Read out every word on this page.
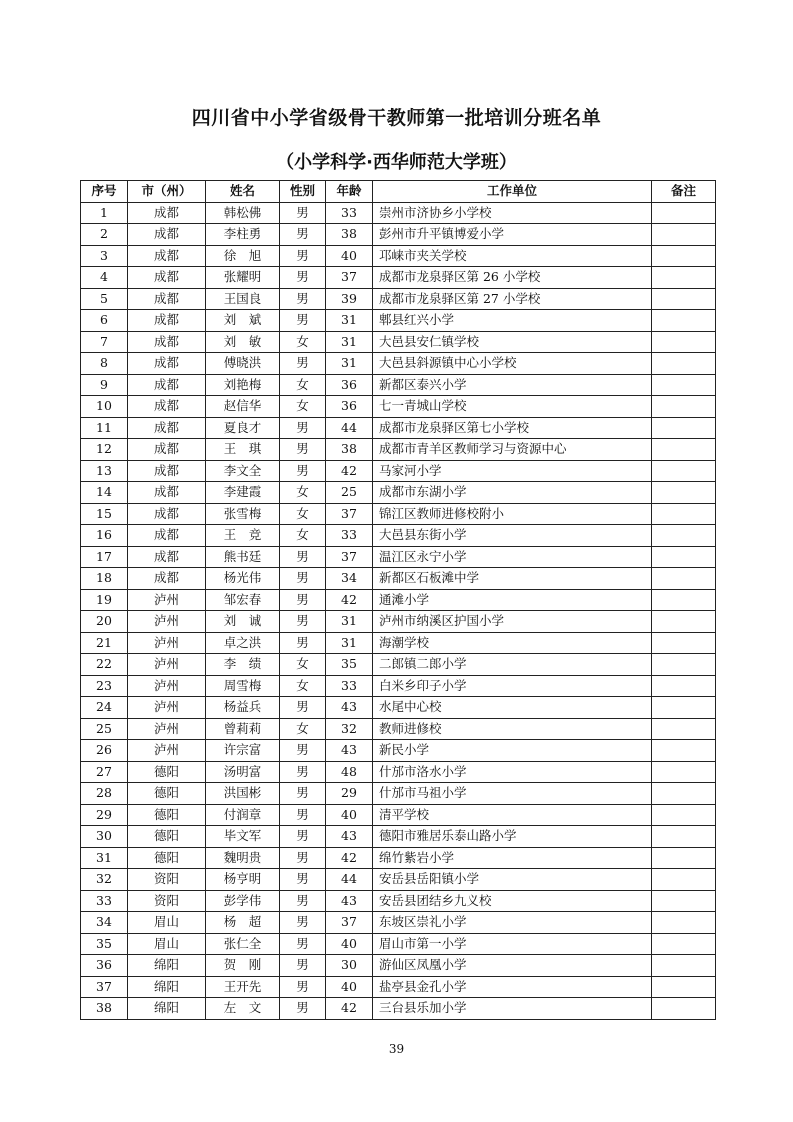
四川省中小学省级骨干教师第一批培训分班名单
（小学科学·西华师范大学班）
序号	市（州）	姓名	性别	年龄	工作单位	备注
1	成都	韩松佛	男	33	崇州市济协乡小学校	
2	成都	李柱勇	男	38	彭州市升平镇博爱小学	
3	成都	徐　旭	男	40	邛崃市夹关学校	
4	成都	张耀明	男	37	成都市龙泉驿区第 26 小学校	
5	成都	王国良	男	39	成都市龙泉驿区第 27 小学校	
6	成都	刘　斌	男	31	郫县红兴小学	
7	成都	刘　敏	女	31	大邑县安仁镇学校	
8	成都	傅晓洪	男	31	大邑县斜源镇中心小学校	
9	成都	刘艳梅	女	36	新都区泰兴小学	
10	成都	赵信华	女	36	七一青城山学校	
11	成都	夏良才	男	44	成都市龙泉驿区第七小学校	
12	成都	王　琪	男	38	成都市青羊区教师学习与资源中心	
13	成都	李文全	男	42	马家河小学	
14	成都	李建霞	女	25	成都市东湖小学	
15	成都	张雪梅	女	37	锦江区教师进修校附小	
16	成都	王　竞	女	33	大邑县东街小学	
17	成都	熊书廷	男	37	温江区永宁小学	
18	成都	杨光伟	男	34	新都区石板滩中学	
19	泸州	邹宏春	男	42	通滩小学	
20	泸州	刘　诚	男	31	泸州市纳溪区护国小学	
21	泸州	卓之洪	男	31	海潮学校	
22	泸州	李　绩	女	35	二郎镇二郎小学	
23	泸州	周雪梅	女	33	白米乡印子小学	
24	泸州	杨益兵	男	43	水尾中心校	
25	泸州	曾莉莉	女	32	教师进修校	
26	泸州	许宗富	男	43	新民小学	
27	德阳	汤明富	男	48	什邡市洛水小学	
28	德阳	洪国彬	男	29	什邡市马祖小学	
29	德阳	付润章	男	40	清平学校	
30	德阳	毕文军	男	43	德阳市雅居乐泰山路小学	
31	德阳	魏明贵	男	42	绵竹紫岩小学	
32	资阳	杨亨明	男	44	安岳县岳阳镇小学	
33	资阳	彭学伟	男	43	安岳县团结乡九义校	
34	眉山	杨　超	男	37	东坡区崇礼小学	
35	眉山	张仁全	男	40	眉山市第一小学	
36	绵阳	贺　刚	男	30	游仙区凤凰小学	
37	绵阳	王开先	男	40	盐亭县金孔小学	
38	绵阳	左　文	男	42	三台县乐加小学	
39
